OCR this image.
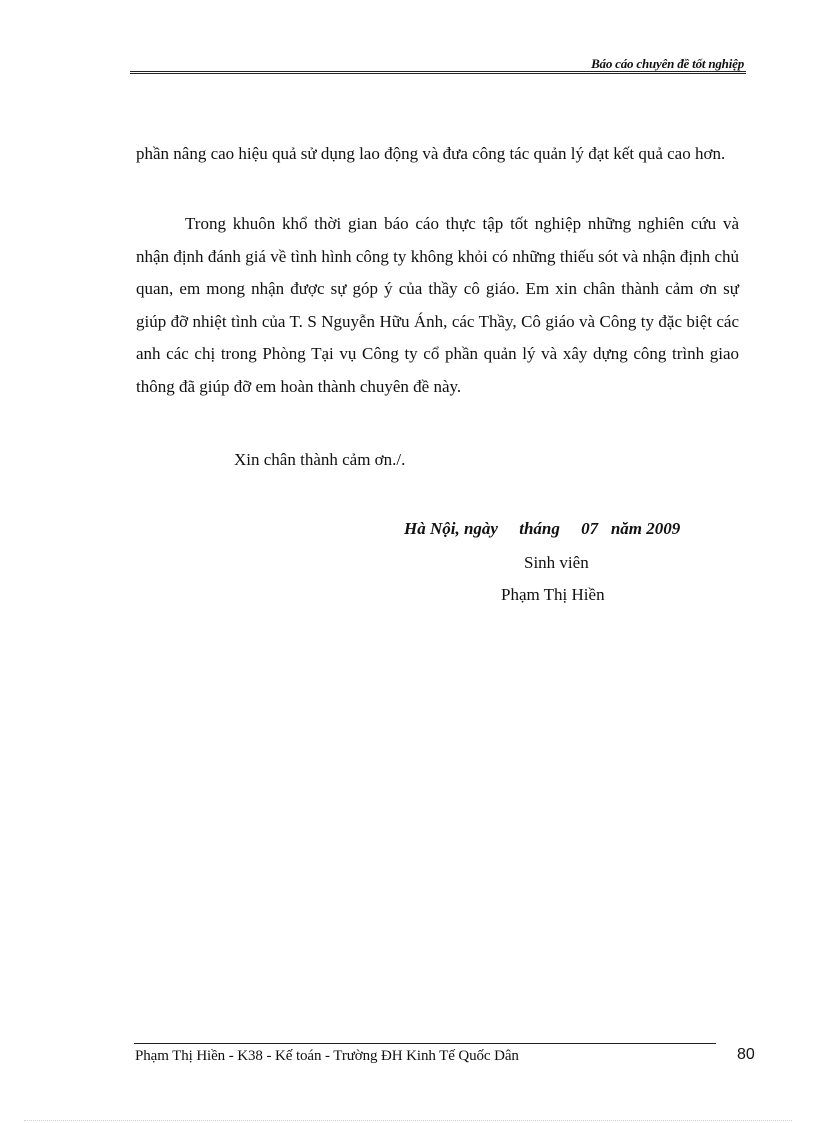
Báo cáo chuyên đề tốt nghiệp

phần nâng cao hiệu quả sử dụng lao động và đưa công tác quản lý đạt kết quả cao hơn.

Trong khuôn khổ thời gian báo cáo thực tập tốt nghiệp những nghiên cứu và nhận định đánh giá về tình hình công ty không khỏi có những thiếu sót và nhận định chủ quan, em mong nhận được sự góp ý của thầy cô giáo. Em xin chân thành cảm ơn sự giúp đỡ nhiệt tình của T. S Nguyễn Hữu Ánh, các Thầy, Cô giáo và Công ty đặc biệt các anh các chị trong Phòng Tại vụ Công ty cổ phần quản lý và xây dựng công trình giao thông đã giúp đỡ em hoàn thành chuyên đề này.

Xin chân thành cảm ơn./.

Hà Nội, ngày     tháng     07   năm 2009
Sinh viên
Phạm Thị Hiền
Phạm Thị Hiền - K38 - Kế toán - Trường ĐH Kinh Tế Quốc Dân	80
